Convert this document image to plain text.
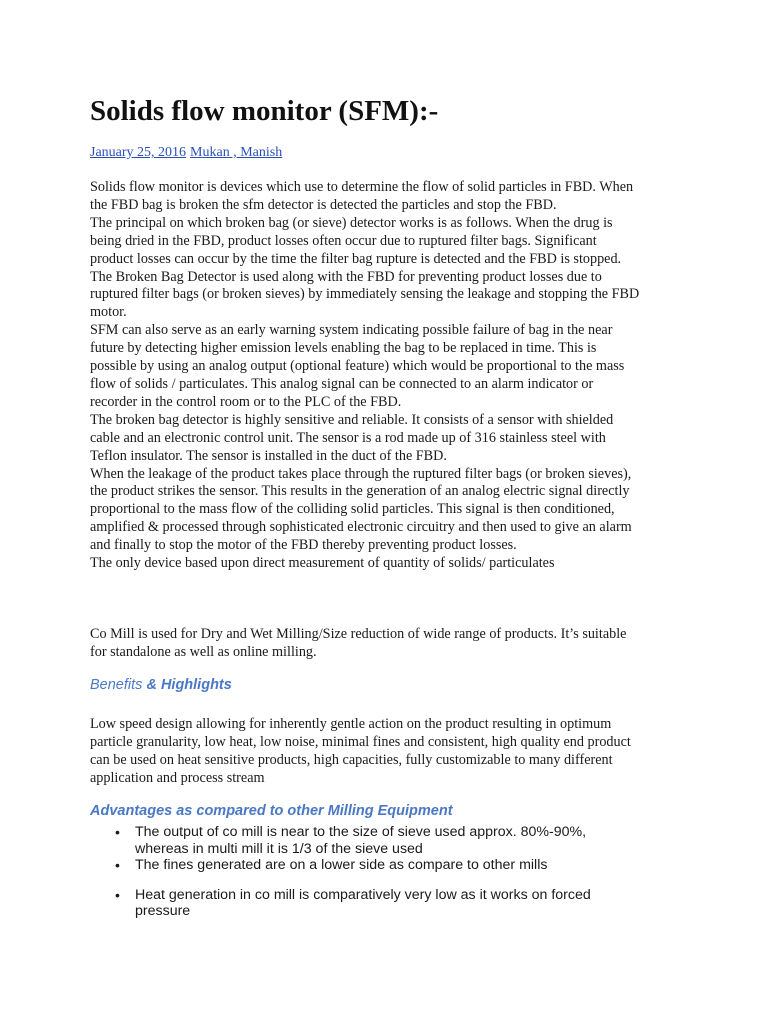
Solids flow monitor (SFM):-
January 25, 2016 Mukan , Manish
Solids flow monitor is devices which use to determine the flow of solid particles in FBD. When
the FBD bag is broken the sfm detector is detected the particles and stop the FBD.
The principal on which broken bag (or sieve) detector works is as follows. When the drug is
being dried in the FBD, product losses often occur due to ruptured filter bags. Significant
product losses can occur by the time the filter bag rupture is detected and the FBD is stopped.
The Broken Bag Detector is used along with the FBD for preventing product losses due to
ruptured filter bags (or broken sieves) by immediately sensing the leakage and stopping the FBD
motor.
SFM can also serve as an early warning system indicating possible failure of bag in the near
future by detecting higher emission levels enabling the bag to be replaced in time. This is
possible by using an analog output (optional feature) which would be proportional to the mass
flow of solids / particulates. This analog signal can be connected to an alarm indicator or
recorder in the control room or to the PLC of the FBD.
The broken bag detector is highly sensitive and reliable. It consists of a sensor with shielded
cable and an electronic control unit. The sensor is a rod made up of 316 stainless steel with
Teflon insulator. The sensor is installed in the duct of the FBD.
When the leakage of the product takes place through the ruptured filter bags (or broken sieves),
the product strikes the sensor. This results in the generation of an analog electric signal directly
proportional to the mass flow of the colliding solid particles. This signal is then conditioned,
amplified & processed through sophisticated electronic circuitry and then used to give an alarm
and finally to stop the motor of the FBD thereby preventing product losses.
The only device based upon direct measurement of quantity of solids/ particulates
Co Mill is used for Dry and Wet Milling/Size reduction of wide range of products. It’s suitable
for standalone as well as online milling.
Benefits & Highlights
Low speed design allowing for inherently gentle action on the product resulting in optimum
particle granularity, low heat, low noise, minimal fines and consistent, high quality end product
can be used on heat sensitive products, high capacities, fully customizable to many different
application and process stream
Advantages as compared to other Milling Equipment
• The output of co mill is near to the size of sieve used approx. 80%-90%,
whereas in multi mill it is 1/3 of the sieve used
• The fines generated are on a lower side as compare to other mills
• Heat generation in co mill is comparatively very low as it works on forced
pressure
